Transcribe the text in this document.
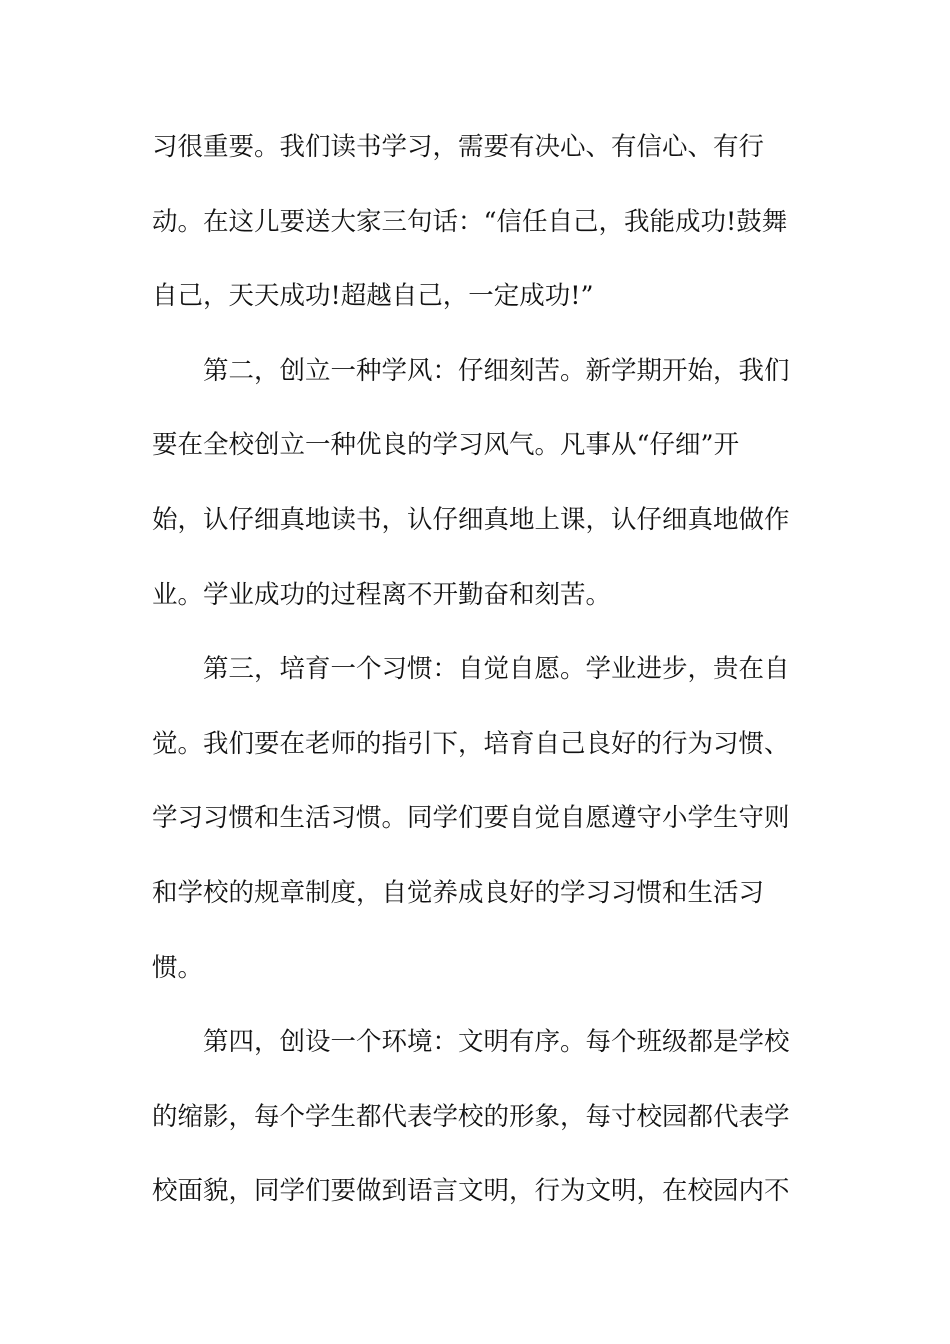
习很重要。我们读书学习，需要有决心、有信心、有行
动。在这儿要送大家三句话：“信任自己，我能成功!鼓舞
自己，天天成功!超越自己，一定成功!”
第二，创立一种学风：仔细刻苦。新学期开始，我们
要在全校创立一种优良的学习风气。凡事从“仔细”开
始，认仔细真地读书，认仔细真地上课，认仔细真地做作
业。学业成功的过程离不开勤奋和刻苦。
第三，培育一个习惯：自觉自愿。学业进步，贵在自
觉。我们要在老师的指引下，培育自己良好的行为习惯、
学习习惯和生活习惯。同学们要自觉自愿遵守小学生守则
和学校的规章制度，自觉养成良好的学习习惯和生活习
惯。
第四，创设一个环境：文明有序。每个班级都是学校
的缩影，每个学生都代表学校的形象，每寸校园都代表学
校面貌，同学们要做到语言文明，行为文明，在校园内不
